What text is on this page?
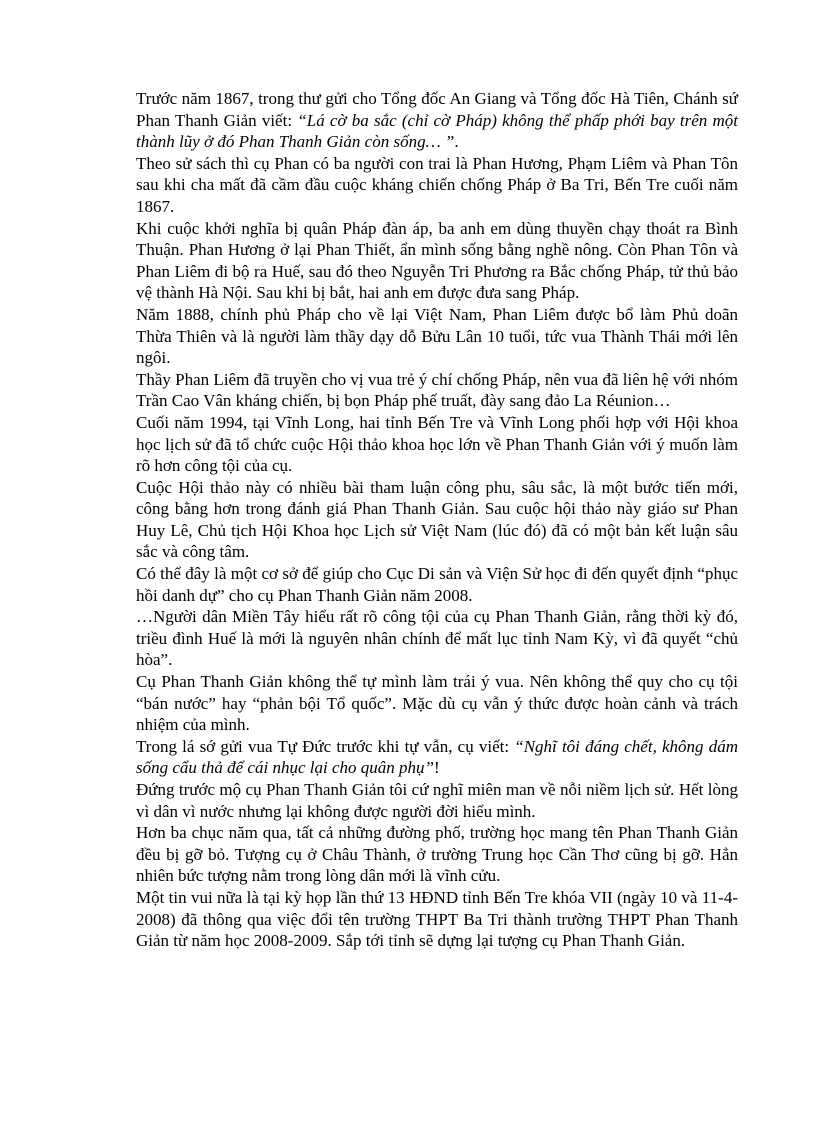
Trước năm 1867, trong thư gửi cho Tổng đốc An Giang và Tổng đốc Hà Tiên, Chánh sứ Phan Thanh Giản viết: “Lá cờ ba sắc (chỉ cờ Pháp) không thể phấp phới bay trên một thành lũy ở đó Phan Thanh Giản còn sống… ”.

Theo sử sách thì cụ Phan có ba người con trai là Phan Hương, Phạm Liêm và Phan Tôn sau khi cha mất đã cầm đầu cuộc kháng chiến chống Pháp ở Ba Tri, Bến Tre cuối năm 1867.

Khi cuộc khởi nghĩa bị quân Pháp đàn áp, ba anh em dùng thuyền chạy thoát ra Bình Thuận. Phan Hương ở lại Phan Thiết, ẩn mình sống bằng nghề nông. Còn Phan Tôn và Phan Liêm đi bộ ra Huế, sau đó theo Nguyễn Tri Phương ra Bắc chống Pháp, tử thủ bảo vệ thành Hà Nội. Sau khi bị bắt, hai anh em được đưa sang Pháp.

Năm 1888, chính phủ Pháp cho về lại Việt Nam, Phan Liêm được bổ làm Phủ doãn Thừa Thiên và là người làm thầy dạy dỗ Bửu Lân 10 tuổi, tức vua Thành Thái mới lên ngôi.

Thầy Phan Liêm đã truyền cho vị vua trẻ ý chí chống Pháp, nên vua đã liên hệ với nhóm Trần Cao Vân kháng chiến, bị bọn Pháp phế truất, đày sang đảo La Réunion…

Cuối năm 1994, tại Vĩnh Long, hai tỉnh Bến Tre và Vĩnh Long phối hợp với Hội khoa học lịch sử đã tổ chức cuộc Hội thảo khoa học lớn về Phan Thanh Giản với ý muốn làm rõ hơn công tội của cụ.

Cuộc Hội thảo này có nhiều bài tham luận công phu, sâu sắc, là một bước tiến mới, công bằng hơn trong đánh giá Phan Thanh Giản. Sau cuộc hội thảo này giáo sư Phan Huy Lê, Chủ tịch Hội Khoa học Lịch sử Việt Nam (lúc đó) đã có một bản kết luận sâu sắc và công tâm.

Có thể đây là một cơ sở để giúp cho Cục Di sản và Viện Sử học đi đến quyết định “phục hồi danh dự” cho cụ Phan Thanh Giản năm 2008.

…Người dân Miền Tây hiểu rất rõ công tội của cụ Phan Thanh Giản, rằng thời kỳ đó, triều đình Huế là mới là nguyên nhân chính để mất lục tỉnh Nam Kỳ, vì đã quyết “chủ hòa”.

Cụ Phan Thanh Giản không thể tự mình làm trái ý vua. Nên không thể quy cho cụ tội “bán nước” hay “phản bội Tổ quốc”. Mặc dù cụ vẫn ý thức được hoàn cảnh và trách nhiệm của mình.

Trong lá sớ gửi vua Tự Đức trước khi tự vẫn, cụ viết: “Nghĩ tôi đáng chết, không dám sống cẩu thả để cái nhục lại cho quân phụ”!

Đứng trước mộ cụ Phan Thanh Giản tôi cứ nghĩ miên man về nỗi niềm lịch sử. Hết lòng vì dân vì nước nhưng lại không được người đời hiểu mình.

Hơn ba chục năm qua, tất cả những đường phố, trường học mang tên Phan Thanh Giản đều bị gỡ bỏ. Tượng cụ ở Châu Thành, ở trường Trung học Cần Thơ cũng bị gỡ. Hẳn nhiên bức tượng nằm trong lòng dân mới là vĩnh cửu.

Một tin vui nữa là tại kỳ họp lần thứ 13 HĐND tỉnh Bến Tre khóa VII (ngày 10 và 11-4-2008) đã thông qua việc đổi tên trường THPT Ba Tri thành trường THPT Phan Thanh Giản từ năm học 2008-2009. Sắp tới tỉnh sẽ dựng lại tượng cụ Phan Thanh Giản.
